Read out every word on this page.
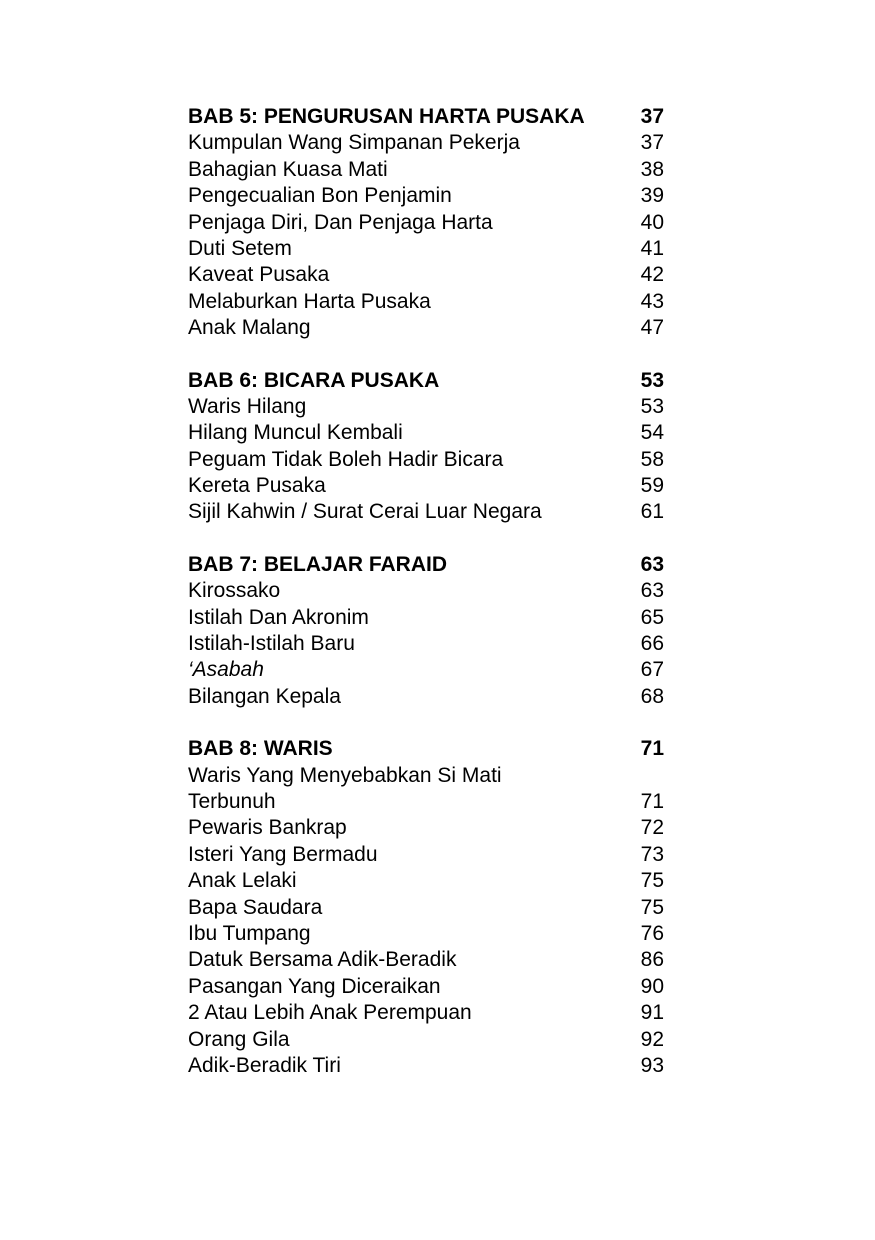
BAB 5: PENGURUSAN HARTA PUSAKA	37
Kumpulan Wang Simpanan Pekerja	37
Bahagian Kuasa Mati	38
Pengecualian Bon Penjamin	39
Penjaga Diri, Dan Penjaga Harta	40
Duti Setem	41
Kaveat Pusaka	42
Melaburkan Harta Pusaka	43
Anak Malang	47
BAB 6: BICARA PUSAKA	53
Waris Hilang	53
Hilang Muncul Kembali	54
Peguam Tidak Boleh Hadir Bicara	58
Kereta Pusaka	59
Sijil Kahwin / Surat Cerai Luar Negara	61
BAB 7: BELAJAR FARAID	63
Kirossako	63
Istilah Dan Akronim	65
Istilah-Istilah Baru	66
‘Asabah	67
Bilangan Kepala	68
BAB 8: WARIS	71
Waris Yang Menyebabkan Si Mati
Terbunuh	71
Pewaris Bankrap	72
Isteri Yang Bermadu	73
Anak Lelaki	75
Bapa Saudara	75
Ibu Tumpang	76
Datuk Bersama Adik-Beradik	86
Pasangan Yang Diceraikan	90
2 Atau Lebih Anak Perempuan	91
Orang Gila	92
Adik-Beradik Tiri	93
